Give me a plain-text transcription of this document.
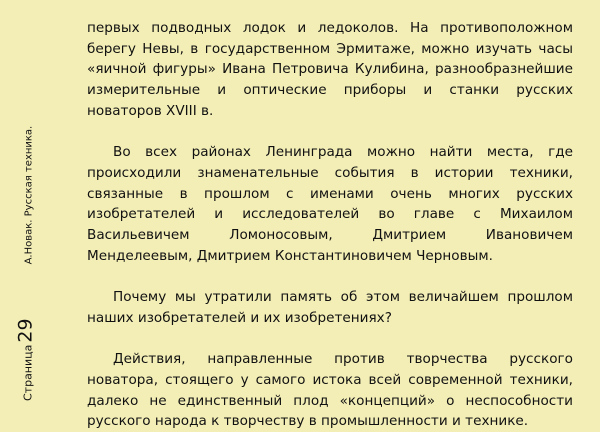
Страница29А.Новак. Русская техника.

первых подводных лодок и ледоколов. На противоположном берегу Невы, в государственном Эрмитаже, можно изучать часы «яичной фигуры» Ивана Петровича Кулибина, разнообразнейшие измерительные и оптические приборы и станки русских новаторов XVIII в.

Во всех районах Ленинграда можно найти места, где происходили знаменательные события в истории техники, связанные в прошлом с именами очень многих русских изобретателей и исследователей во главе с Михаилом Васильевичем Ломоносовым, Дмитрием Ивановичем Менделеевым, Дмитрием Константиновичем Черновым.

Почему мы утратили память об этом величайшем прошлом наших изобретателей и их изобретениях?

Действия, направленные против творчества русского новатора, стоящего у самого истока всей современной техники, далеко не единственный плод «концепций» о неспособности русского народа к творчеству в промышленности и технике.
